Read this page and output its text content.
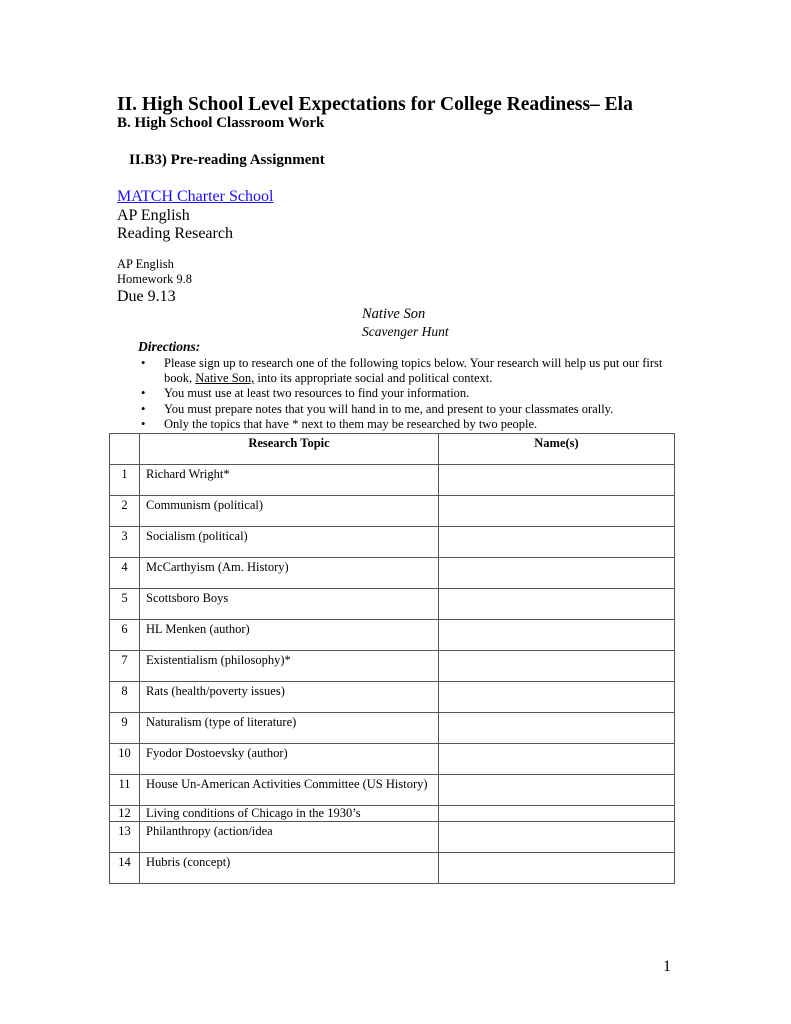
II. High School Level Expectations for College Readiness– Ela
B. High School Classroom Work
II.B3) Pre-reading Assignment
MATCH Charter School
AP English
Reading Research
AP English
Homework 9.8
Due 9.13
Native Son
Scavenger Hunt
Directions:
• Please sign up to research one of the following topics below. Your research will help us put our first book, Native Son, into its appropriate social and political context.
• You must use at least two resources to find your information.
• You must prepare notes that you will hand in to me, and present to your classmates orally.
• Only the topics that have * next to them may be researched by two people.
	Research Topic	Name(s)
1	Richard Wright*	
2	Communism (political)	
3	Socialism (political)	
4	McCarthyism (Am. History)	
5	Scottsboro Boys	
6	HL Menken (author)	
7	Existentialism (philosophy)*	
8	Rats (health/poverty issues)	
9	Naturalism (type of literature)	
10	Fyodor Dostoevsky (author)	
11	House Un-American Activities Committee (US History)	
12	Living conditions of Chicago in the 1930’s	
13	Philanthropy (action/idea	
14	Hubris (concept)	
1
